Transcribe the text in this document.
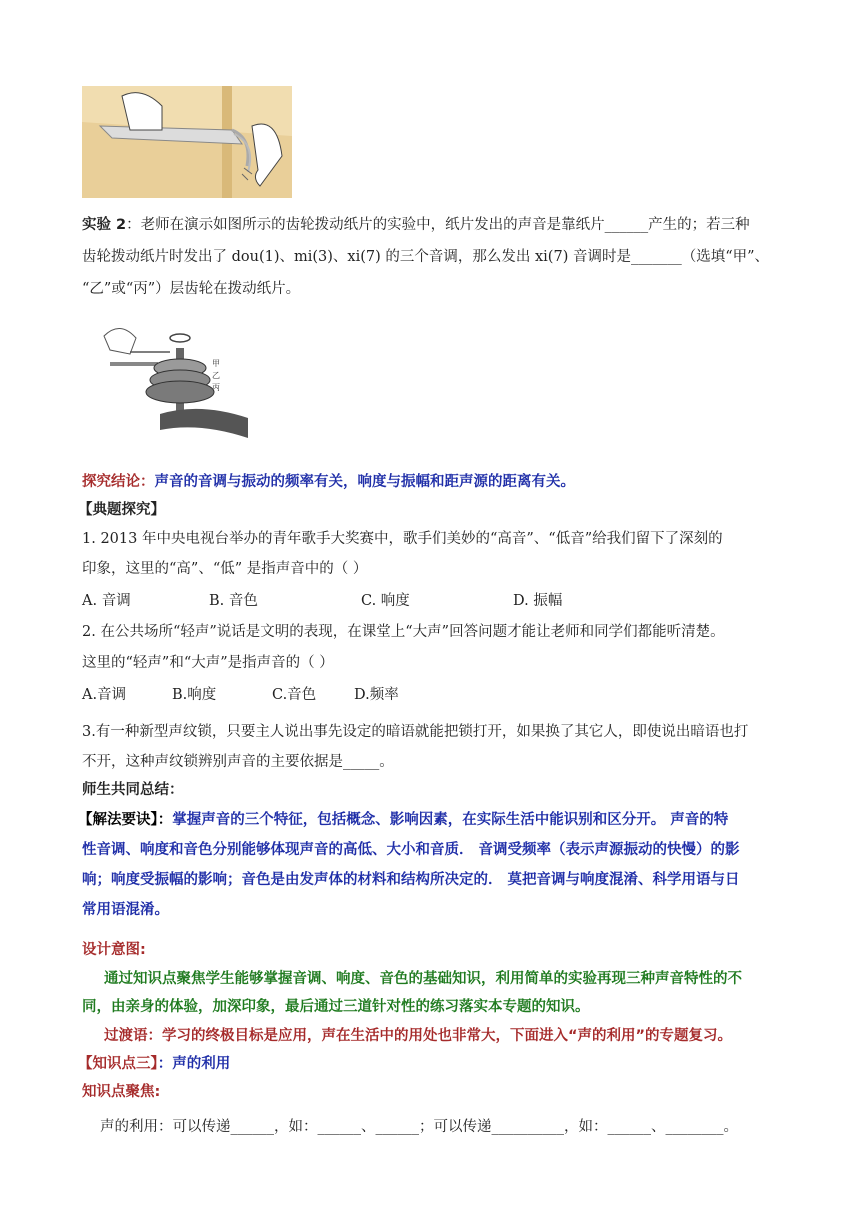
实验 2：老师在演示如图所示的齿轮拨动纸片的实验中，纸片发出的声音是靠纸片______产生的；若三种
齿轮拨动纸片时发出了 dou(1)、mi(3)、xi(7) 的三个音调，那么发出 xi(7) 音调时是_______（选填“甲”、
“乙”或“丙”）层齿轮在拨动纸片。
甲
乙
丙
探究结论：声音的音调与振动的频率有关，响度与振幅和距声源的距离有关。
【典题探究】
1. 2013 年中央电视台举办的青年歌手大奖赛中，歌手们美妙的“高音”、“低音”给我们留下了深刻的
印象，这里的“高”、“低” 是指声音中的（ ）
A. 音调	B. 音色	C. 响度	D. 振幅
2. 在公共场所“轻声”说话是文明的表现，在课堂上“大声”回答问题才能让老师和同学们都能听清楚。
这里的“轻声”和“大声”是指声音的（ ）
A.音调	B.响度	C.音色	D.频率
3.有一种新型声纹锁，只要主人说出事先设定的暗语就能把锁打开，如果换了其它人，即使说出暗语也打
不开，这种声纹锁辨别声音的主要依据是_____。
师生共同总结：
【解法要诀】：掌握声音的三个特征，包括概念、影响因素，在实际生活中能识别和区分开。 声音的特
性音调、响度和音色分别能够体现声音的高低、大小和音质． 音调受频率（表示声源振动的快慢）的影
响；响度受振幅的影响；音色是由发声体的材料和结构所决定的． 莫把音调与响度混淆、科学用语与日
常用语混淆。
设计意图:
通过知识点聚焦学生能够掌握音调、响度、音色的基础知识，利用简单的实验再现三种声音特性的不
同，由亲身的体验，加深印象，最后通过三道针对性的练习落实本专题的知识。
过渡语：学习的终极目标是应用，声在生活中的用处也非常大，下面进入“声的利用”的专题复习。
【知识点三】：声的利用
知识点聚焦:
声的利用：可以传递______，如：______、______；可以传递__________，如：______、________。
